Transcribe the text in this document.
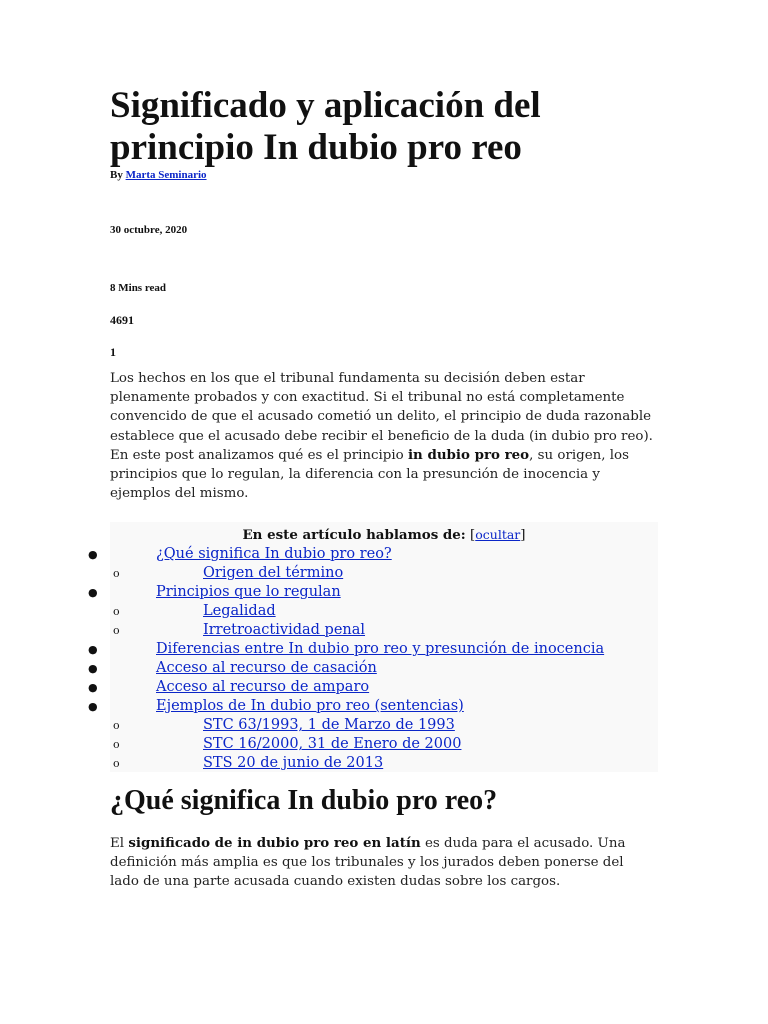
Significado y aplicación del principio In dubio pro reo
By Marta Seminario
30 octubre, 2020
8 Mins read
4691
1

Los hechos en los que el tribunal fundamenta su decisión deben estar plenamente probados y con exactitud. Si el tribunal no está completamente convencido de que el acusado cometió un delito, el principio de duda razonable establece que el acusado debe recibir el beneficio de la duda (in dubio pro reo). En este post analizamos qué es el principio in dubio pro reo, su origen, los principios que lo regulan, la diferencia con la presunción de inocencia y ejemplos del mismo.

En este artículo hablamos de: [ocultar]
●	¿Qué significa In dubio pro reo?
o	Origen del término
●	Principios que lo regulan
o	Legalidad
o	Irretroactividad penal
●	Diferencias entre In dubio pro reo y presunción de inocencia
●	Acceso al recurso de casación
●	Acceso al recurso de amparo
●	Ejemplos de In dubio pro reo (sentencias)
o	STC 63/1993, 1 de Marzo de 1993
o	STC 16/2000, 31 de Enero de 2000
o	STS 20 de junio de 2013
¿Qué significa In dubio pro reo?

El significado de in dubio pro reo en latín es duda para el acusado. Una definición más amplia es que los tribunales y los jurados deben ponerse del lado de una parte acusada cuando existen dudas sobre los cargos.
